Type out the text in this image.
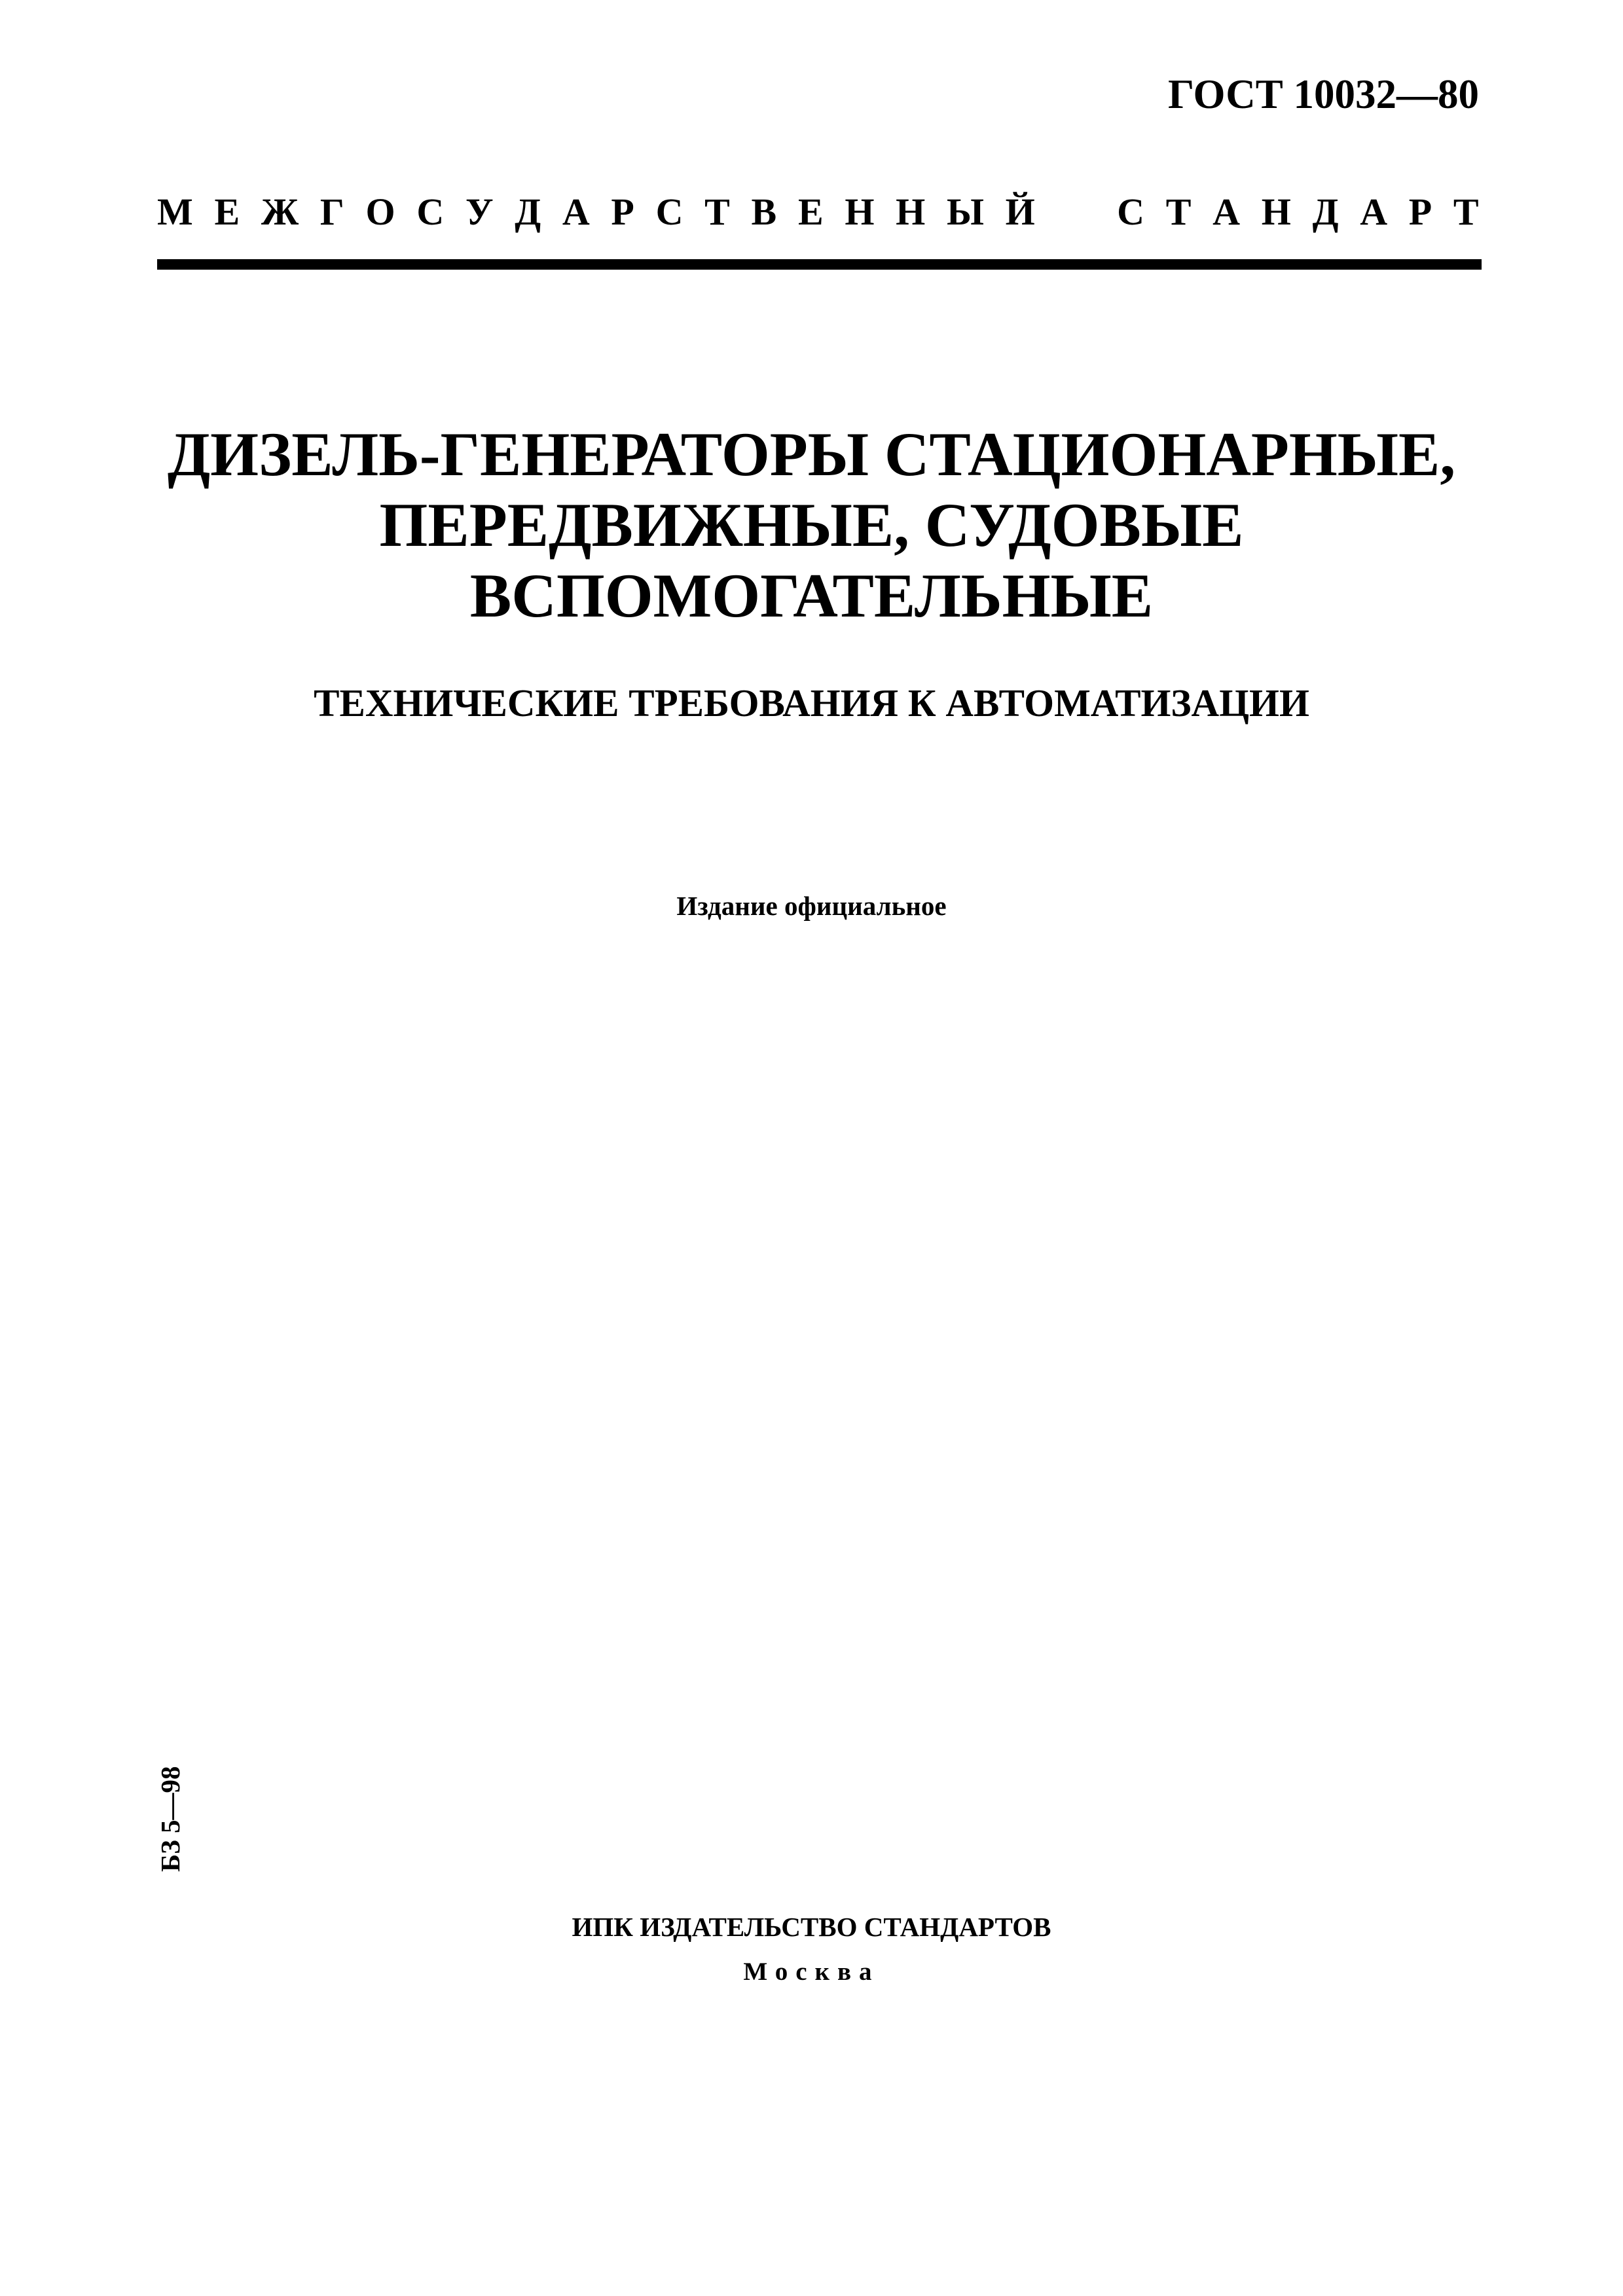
ГОСТ 10032—80
М Е Ж Г О С У Д А Р С Т В Е Н Н Ы Й С Т А Н Д А Р Т
ДИЗЕЛЬ-ГЕНЕРАТОРЫ СТАЦИОНАРНЫЕ,
ПЕРЕДВИЖНЫЕ, СУДОВЫЕ
ВСПОМОГАТЕЛЬНЫЕ
ТЕХНИЧЕСКИЕ ТРЕБОВАНИЯ К АВТОМАТИЗАЦИИ
Издание официальное
БЗ 5—98
ИПК ИЗДАТЕЛЬСТВО СТАНДАРТОВ
Москва
